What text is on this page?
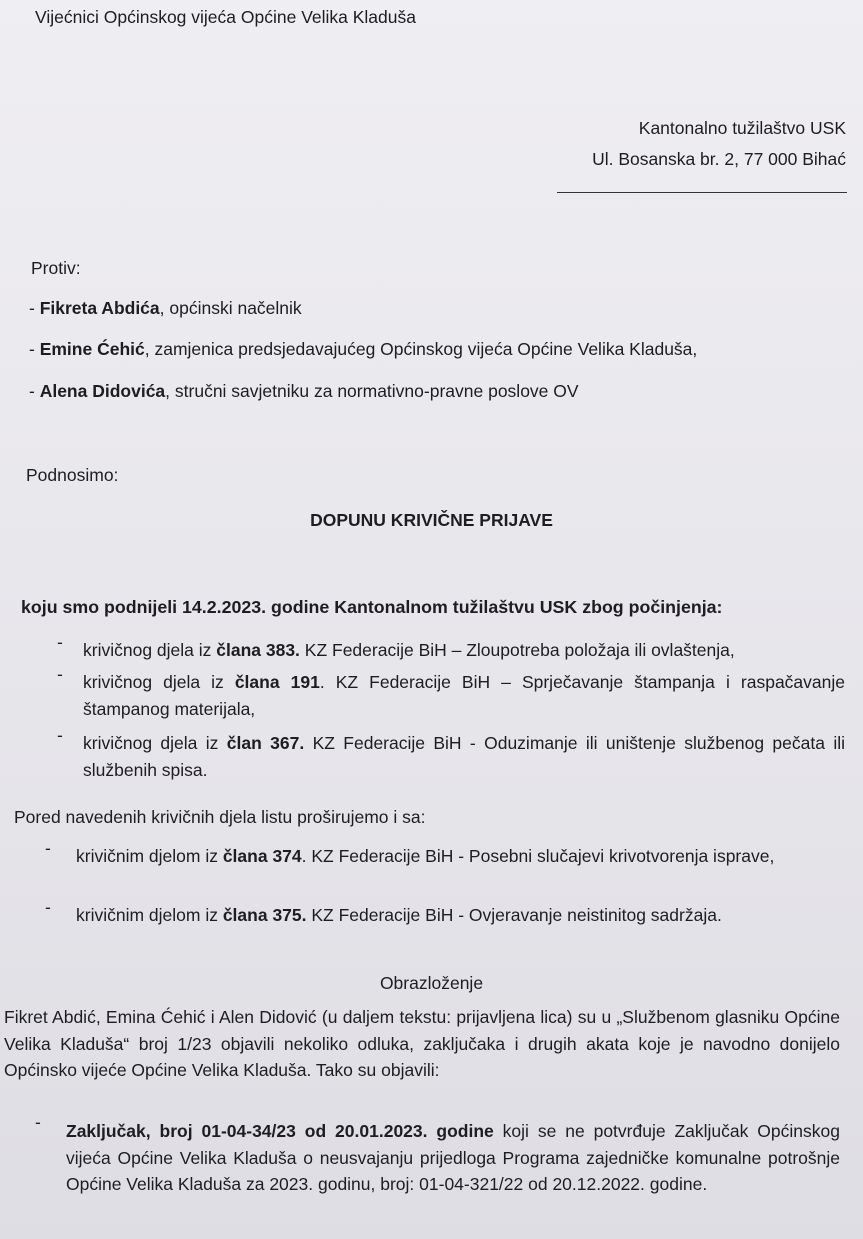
Vijećnici Općinskog vijeća Općine Velika Kladuša
Kantonalno tužilaštvo USK
Ul. Bosanska br. 2, 77 000 Bihać
Protiv:
- Fikreta Abdića, općinski načelnik
- Emine Ćehić, zamjenica predsjedavajućeg Općinskog vijeća Općine Velika Kladuša,
- Alena Didovića, stručni savjetniku za normativno-pravne poslove OV
Podnosimo:
DOPUNU KRIVIČNE PRIJAVE
koju smo podnijeli 14.2.2023. godine Kantonalnom tužilaštvu USK zbog počinjenja:
- krivičnog djela iz člana 383. KZ Federacije BiH – Zloupotreba položaja ili ovlaštenja,
- krivičnog djela iz člana 191. KZ Federacije BiH – Sprječavanje štampanja i raspačavanje štampanog materijala,
- krivičnog djela iz član 367. KZ Federacije BiH - Oduzimanje ili uništenje službenog pečata ili službenih spisa.
Pored navedenih krivičnih djela listu proširujemo i sa:
- krivičnim djelom iz člana 374. KZ Federacije BiH - Posebni slučajevi krivotvorenja isprave,
- krivičnim djelom iz člana 375. KZ Federacije BiH - Ovjeravanje neistinitog sadržaja.
Obrazloženje
Fikret Abdić, Emina Ćehić i Alen Didović (u daljem tekstu: prijavljena lica) su u „Službenom glasniku Općine Velika Kladuša“ broj 1/23 objavili nekoliko odluka, zaključaka i drugih akata koje je navodno donijelo Općinsko vijeće Općine Velika Kladuša. Tako su objavili:
- Zaključak, broj 01-04-34/23 od 20.01.2023. godine koji se ne potvrđuje Zaključak Općinskog vijeća Općine Velika Kladuša o neusvajanju prijedloga Programa zajedničke komunalne potrošnje Općine Velika Kladuša za 2023. godinu, broj: 01-04-321/22 od 20.12.2022. godine.
